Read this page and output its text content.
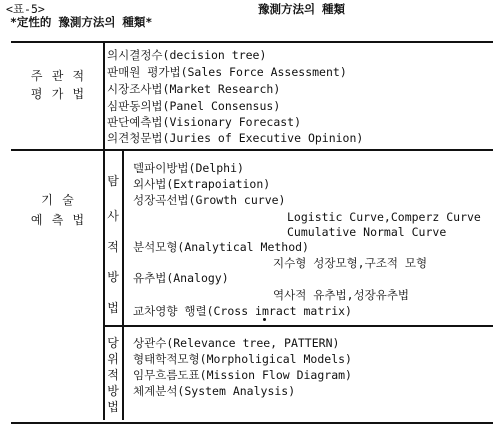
<표-5>	豫測方法의 種類
*定性的 豫測方法의 種類*
주 관 적
평 가 법
의시결정수(decision tree)
판매원 평가법(Sales Force Assessment)
시장조사법(Market Research)
심판동의법(Panel Consensus)
판단예측법(Visionary Forecast)
의견청문법(Juries of Executive Opinion)
기 술
예 측 법
탐
사
적
방
법
델파이방법(Delphi)
외사법(Extrapoiation)
성장곡선법(Growth curve)
Logistic Curve,Comperz Curve
Cumulative Normal Curve
분석모형(Analytical Method)
지수형 성장모형,구조적 모형
유추법(Analogy)
역사적 유추법,성장유추법
교차영향 행렬(Cross imract matrix)
당
위
적
방
법
상관수(Relevance tree, PATTERN)
형태학적모형(Morpholigical Models)
임무흐름도표(Mission Flow Diagram)
체계분석(System Analysis)
